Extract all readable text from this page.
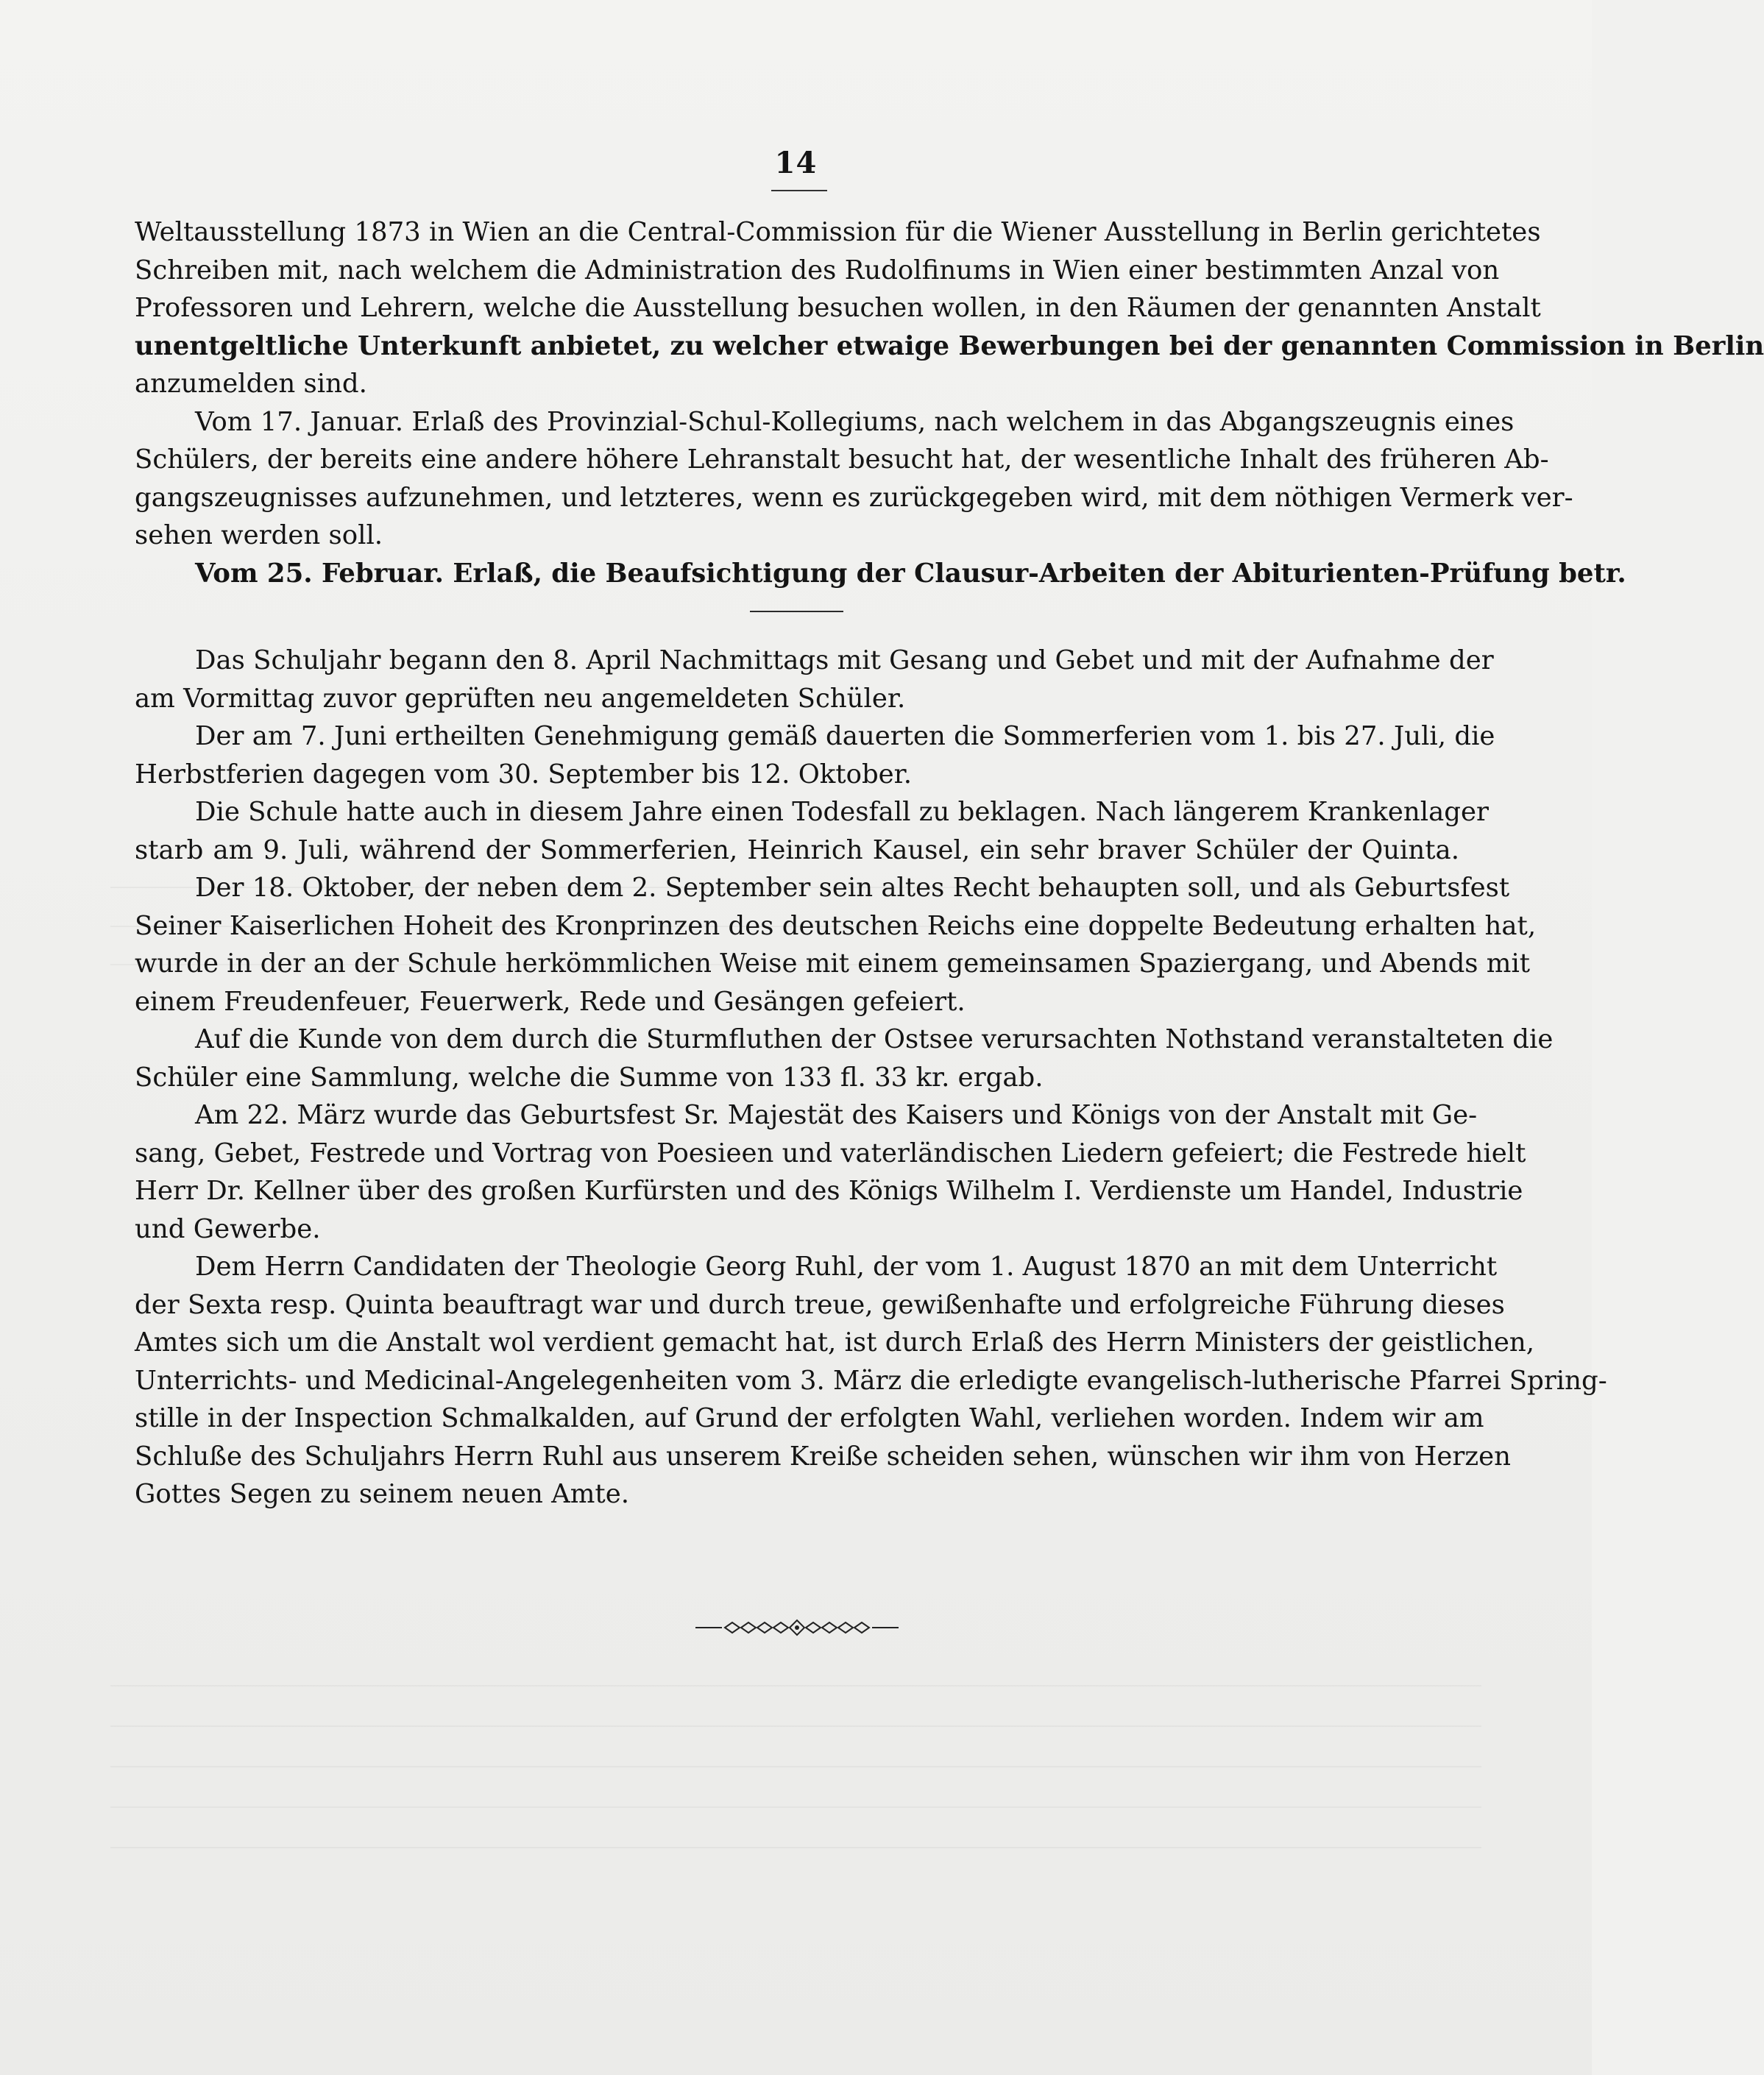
14
Weltausstellung 1873 in Wien an die Central-Commission für die Wiener Ausstellung in Berlin gerichtetes
Schreiben mit, nach welchem die Administration des Rudolfinums in Wien einer bestimmten Anzal von
Professoren und Lehrern, welche die Ausstellung besuchen wollen, in den Räumen der genannten Anstalt
unentgeltliche Unterkunft anbietet, zu welcher etwaige Bewerbungen bei der genannten Commission in Berlin
anzumelden sind.
Vom 17. Januar. Erlaß des Provinzial-Schul-Kollegiums, nach welchem in das Abgangszeugnis eines
Schülers, der bereits eine andere höhere Lehranstalt besucht hat, der wesentliche Inhalt des früheren Ab-
gangszeugnisses aufzunehmen, und letzteres, wenn es zurückgegeben wird, mit dem nöthigen Vermerk ver-
sehen werden soll.
Vom 25. Februar. Erlaß, die Beaufsichtigung der Clausur-Arbeiten der Abiturienten-Prüfung betr.
Das Schuljahr begann den 8. April Nachmittags mit Gesang und Gebet und mit der Aufnahme der
am Vormittag zuvor geprüften neu angemeldeten Schüler.
Der am 7. Juni ertheilten Genehmigung gemäß dauerten die Sommerferien vom 1. bis 27. Juli, die
Herbstferien dagegen vom 30. September bis 12. Oktober.
Die Schule hatte auch in diesem Jahre einen Todesfall zu beklagen. Nach längerem Krankenlager
starb am 9. Juli, während der Sommerferien, Heinrich Kausel, ein sehr braver Schüler der Quinta.
Der 18. Oktober, der neben dem 2. September sein altes Recht behaupten soll, und als Geburtsfest
Seiner Kaiserlichen Hoheit des Kronprinzen des deutschen Reichs eine doppelte Bedeutung erhalten hat,
wurde in der an der Schule herkömmlichen Weise mit einem gemeinsamen Spaziergang, und Abends mit
einem Freudenfeuer, Feuerwerk, Rede und Gesängen gefeiert.
Auf die Kunde von dem durch die Sturmfluthen der Ostsee verursachten Nothstand veranstalteten die
Schüler eine Sammlung, welche die Summe von 133 fl. 33 kr. ergab.
Am 22. März wurde das Geburtsfest Sr. Majestät des Kaisers und Königs von der Anstalt mit Ge-
sang, Gebet, Festrede und Vortrag von Poesieen und vaterländischen Liedern gefeiert; die Festrede hielt
Herr Dr. Kellner über des großen Kurfürsten und des Königs Wilhelm I. Verdienste um Handel, Industrie
und Gewerbe.
Dem Herrn Candidaten der Theologie Georg Ruhl, der vom 1. August 1870 an mit dem Unterricht
der Sexta resp. Quinta beauftragt war und durch treue, gewißenhafte und erfolgreiche Führung dieses
Amtes sich um die Anstalt wol verdient gemacht hat, ist durch Erlaß des Herrn Ministers der geistlichen,
Unterrichts- und Medicinal-Angelegenheiten vom 3. März die erledigte evangelisch-lutherische Pfarrei Spring-
stille in der Inspection Schmalkalden, auf Grund der erfolgten Wahl, verliehen worden. Indem wir am
Schluße des Schuljahrs Herrn Ruhl aus unserem Kreiße scheiden sehen, wünschen wir ihm von Herzen
Gottes Segen zu seinem neuen Amte.
